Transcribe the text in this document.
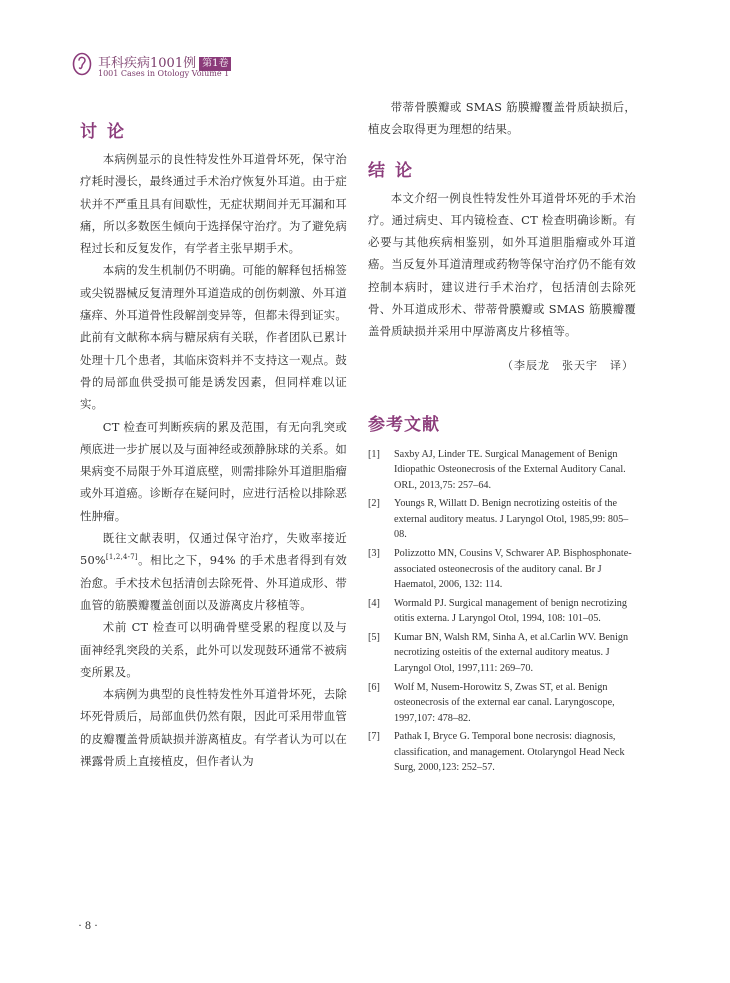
耳科疾病1001例 第1卷
1001 Cases in Otology Volume 1
讨论

本病例显示的良性特发性外耳道骨坏死，保守治疗耗时漫长，最终通过手术治疗恢复外耳道。由于症状并不严重且具有间歇性，无症状期间并无耳漏和耳痛，所以多数医生倾向于选择保守治疗。为了避免病程过长和反复发作，有学者主张早期手术。

本病的发生机制仍不明确。可能的解释包括棉签或尖锐器械反复清理外耳道造成的创伤刺激、外耳道瘙痒、外耳道骨性段解剖变异等，但都未得到证实。此前有文献称本病与糖尿病有关联，作者团队已累计处理十几个患者，其临床资料并不支持这一观点。鼓骨的局部血供受损可能是诱发因素，但同样难以证实。

CT 检查可判断疾病的累及范围，有无向乳突或颅底进一步扩展以及与面神经或颈静脉球的关系。如果病变不局限于外耳道底壁，则需排除外耳道胆脂瘤或外耳道癌。诊断存在疑问时，应进行活检以排除恶性肿瘤。

既往文献表明，仅通过保守治疗，失败率接近 50%[1,2,4-7]。相比之下，94% 的手术患者得到有效治愈。手术技术包括清创去除死骨、外耳道成形、带血管的筋膜瓣覆盖创面以及游离皮片移植等。

术前 CT 检查可以明确骨壁受累的程度以及与面神经乳突段的关系，此外可以发现鼓环通常不被病变所累及。

本病例为典型的良性特发性外耳道骨坏死，去除坏死骨质后，局部血供仍然有限，因此可采用带血管的皮瓣覆盖骨质缺损并游离植皮。有学者认为可以在裸露骨质上直接植皮，但作者认为

带蒂骨膜瓣或 SMAS 筋膜瓣覆盖骨质缺损后，植皮会取得更为理想的结果。

结论

本文介绍一例良性特发性外耳道骨坏死的手术治疗。通过病史、耳内镜检查、CT 检查明确诊断。有必要与其他疾病相鉴别，如外耳道胆脂瘤或外耳道癌。当反复外耳道清理或药物等保守治疗仍不能有效控制本病时，建议进行手术治疗，包括清创去除死骨、外耳道成形术、带蒂骨膜瓣或 SMAS 筋膜瓣覆盖骨质缺损并采用中厚游离皮片移植等。

（李辰龙　张天宇　译）

参考文献
[1] Saxby AJ, Linder TE. Surgical Management of Benign Idiopathic Osteonecrosis of the External Auditory Canal. ORL, 2013,75: 257–64.
[2] Youngs R, Willatt D. Benign necrotizing osteitis of the external auditory meatus. J Laryngol Otol, 1985,99: 805–08.
[3] Polizzotto MN, Cousins V, Schwarer AP. Bisphosphonate-associated osteonecrosis of the auditory canal. Br J Haematol, 2006, 132: 114.
[4] Wormald PJ. Surgical management of benign necrotizing otitis externa. J Laryngol Otol, 1994, 108: 101–05.
[5] Kumar BN, Walsh RM, Sinha A, et al.Carlin WV. Benign necrotizing osteitis of the external auditory meatus. J Laryngol Otol, 1997,111: 269–70.
[6] Wolf M, Nusem-Horowitz S, Zwas ST, et al. Benign osteonecrosis of the external ear canal. Laryngoscope, 1997,107: 478–82.
[7] Pathak I, Bryce G. Temporal bone necrosis: diagnosis, classification, and management. Otolaryngol Head Neck Surg, 2000,123: 252–57.
· 8 ·
